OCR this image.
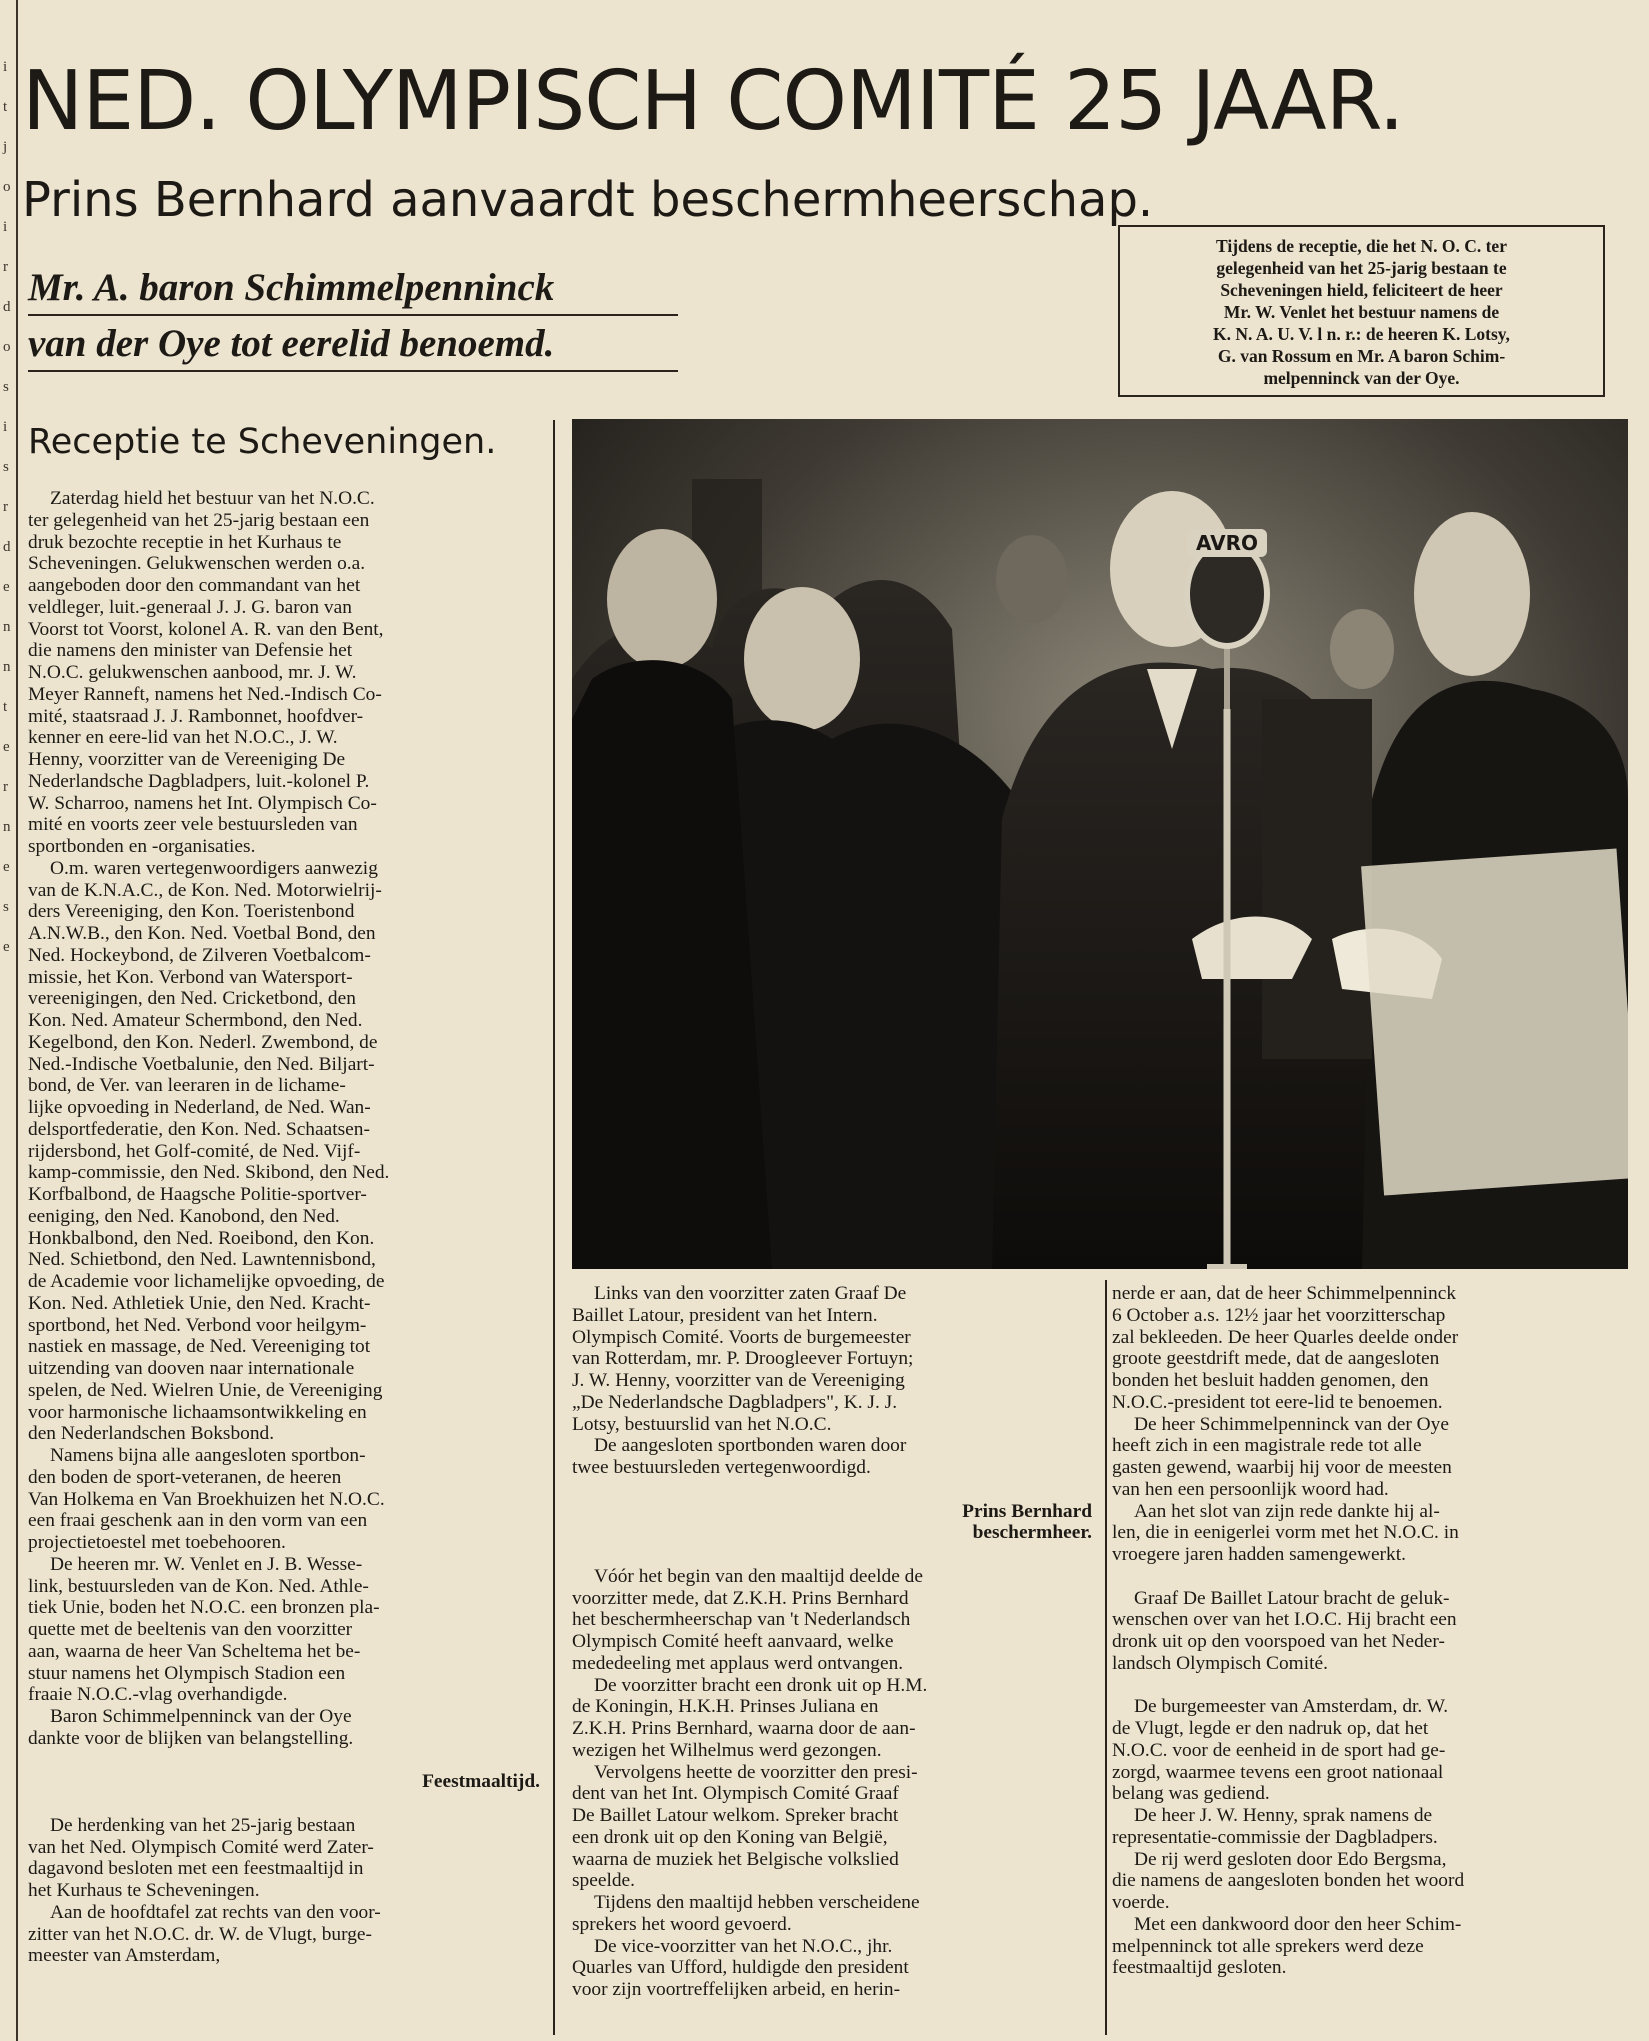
i
t
j
o
i
r
d
o
s
i
s
r
d
e
n
n
t
e
r
n
e
s
e
NED. OLYMPISCH COMITÉ 25 JAAR.
Prins Bernhard aanvaardt beschermheerschap.
Mr. A. baron Schimmelpenninck
van der Oye tot eerelid benoemd.
Tijdens de receptie, die het N. O. C. ter
gelegenheid van het 25-jarig bestaan te
Scheveningen hield, feliciteert de heer
Mr. W. Venlet het bestuur namens de
K. N. A. U. V. l n. r.: de heeren K. Lotsy,
G. van Rossum en Mr. A baron Schim-
melpenninck van der Oye.
Receptie te Scheveningen.
AVRO
Zaterdag hield het bestuur van het N.O.C.
ter gelegenheid van het 25-jarig bestaan een
druk bezochte receptie in het Kurhaus te
Scheveningen. Gelukwenschen werden o.a.
aangeboden door den commandant van het
veldleger, luit.-generaal J. J. G. baron van
Voorst tot Voorst, kolonel A. R. van den Bent,
die namens den minister van Defensie het
N.O.C. gelukwenschen aanbood, mr. J. W.
Meyer Ranneft, namens het Ned.-Indisch Co-
mité, staatsraad J. J. Rambonnet, hoofdver-
kenner en eere-lid van het N.O.C., J. W.
Henny, voorzitter van de Vereeniging De
Nederlandsche Dagbladpers, luit.-kolonel P.
W. Scharroo, namens het Int. Olympisch Co-
mité en voorts zeer vele bestuursleden van
sportbonden en -organisaties.
O.m. waren vertegenwoordigers aanwezig
van de K.N.A.C., de Kon. Ned. Motorwielrij-
ders Vereeniging, den Kon. Toeristenbond
A.N.W.B., den Kon. Ned. Voetbal Bond, den
Ned. Hockeybond, de Zilveren Voetbalcom-
missie, het Kon. Verbond van Watersport-
vereenigingen, den Ned. Cricketbond, den
Kon. Ned. Amateur Schermbond, den Ned.
Kegelbond, den Kon. Nederl. Zwembond, de
Ned.-Indische Voetbalunie, den Ned. Biljart-
bond, de Ver. van leeraren in de lichame-
lijke opvoeding in Nederland, de Ned. Wan-
delsportfederatie, den Kon. Ned. Schaatsen-
rijdersbond, het Golf-comité, de Ned. Vijf-
kamp-commissie, den Ned. Skibond, den Ned.
Korfbalbond, de Haagsche Politie-sportver-
eeniging, den Ned. Kanobond, den Ned.
Honkbalbond, den Ned. Roeibond, den Kon.
Ned. Schietbond, den Ned. Lawntennisbond,
de Academie voor lichamelijke opvoeding, de
Kon. Ned. Athletiek Unie, den Ned. Kracht-
sportbond, het Ned. Verbond voor heilgym-
nastiek en massage, de Ned. Vereeniging tot
uitzending van dooven naar internationale
spelen, de Ned. Wielren Unie, de Vereeniging
voor harmonische lichaamsontwikkeling en
den Nederlandschen Boksbond.
Namens bijna alle aangesloten sportbon-
den boden de sport-veteranen, de heeren
Van Holkema en Van Broekhuizen het N.O.C.
een fraai geschenk aan in den vorm van een
projectietoestel met toebehooren.
De heeren mr. W. Venlet en J. B. Wesse-
link, bestuursleden van de Kon. Ned. Athle-
tiek Unie, boden het N.O.C. een bronzen pla-
quette met de beeltenis van den voorzitter
aan, waarna de heer Van Scheltema het be-
stuur namens het Olympisch Stadion een
fraaie N.O.C.-vlag overhandigde.
Baron Schimmelpenninck van der Oye
dankte voor de blijken van belangstelling.
Feestmaaltijd.
De herdenking van het 25-jarig bestaan
van het Ned. Olympisch Comité werd Zater-
dagavond besloten met een feestmaaltijd in
het Kurhaus te Scheveningen.
Aan de hoofdtafel zat rechts van den voor-
zitter van het N.O.C. dr. W. de Vlugt, burge-
meester van Amsterdam,
Links van den voorzitter zaten Graaf De
Baillet Latour, president van het Intern.
Olympisch Comité. Voorts de burgemeester
van Rotterdam, mr. P. Droogleever Fortuyn;
J. W. Henny, voorzitter van de Vereeniging
„De Nederlandsche Dagbladpers", K. J. J.
Lotsy, bestuurslid van het N.O.C.
De aangesloten sportbonden waren door
twee bestuursleden vertegenwoordigd.
Prins Bernhard
beschermheer.
Vóór het begin van den maaltijd deelde de
voorzitter mede, dat Z.K.H. Prins Bernhard
het beschermheerschap van 't Nederlandsch
Olympisch Comité heeft aanvaard, welke
mededeeling met applaus werd ontvangen.
De voorzitter bracht een dronk uit op H.M.
de Koningin, H.K.H. Prinses Juliana en
Z.K.H. Prins Bernhard, waarna door de aan-
wezigen het Wilhelmus werd gezongen.
Vervolgens heette de voorzitter den presi-
dent van het Int. Olympisch Comité Graaf
De Baillet Latour welkom. Spreker bracht
een dronk uit op den Koning van België,
waarna de muziek het Belgische volkslied
speelde.
Tijdens den maaltijd hebben verscheidene
sprekers het woord gevoerd.
De vice-voorzitter van het N.O.C., jhr.
Quarles van Ufford, huldigde den president
voor zijn voortreffelijken arbeid, en herin-
nerde er aan, dat de heer Schimmelpenninck
6 October a.s. 12½ jaar het voorzitterschap
zal bekleeden. De heer Quarles deelde onder
groote geestdrift mede, dat de aangesloten
bonden het besluit hadden genomen, den
N.O.C.-president tot eere-lid te benoemen.
De heer Schimmelpenninck van der Oye
heeft zich in een magistrale rede tot alle
gasten gewend, waarbij hij voor de meesten
van hen een persoonlijk woord had.
Aan het slot van zijn rede dankte hij al-
len, die in eenigerlei vorm met het N.O.C. in
vroegere jaren hadden samengewerkt.
Graaf De Baillet Latour bracht de geluk-
wenschen over van het I.O.C. Hij bracht een
dronk uit op den voorspoed van het Neder-
landsch Olympisch Comité.
De burgemeester van Amsterdam, dr. W.
de Vlugt, legde er den nadruk op, dat het
N.O.C. voor de eenheid in de sport had ge-
zorgd, waarmee tevens een groot nationaal
belang was gediend.
De heer J. W. Henny, sprak namens de
representatie-commissie der Dagbladpers.
De rij werd gesloten door Edo Bergsma,
die namens de aangesloten bonden het woord
voerde.
Met een dankwoord door den heer Schim-
melpenninck tot alle sprekers werd deze
feestmaaltijd gesloten.
